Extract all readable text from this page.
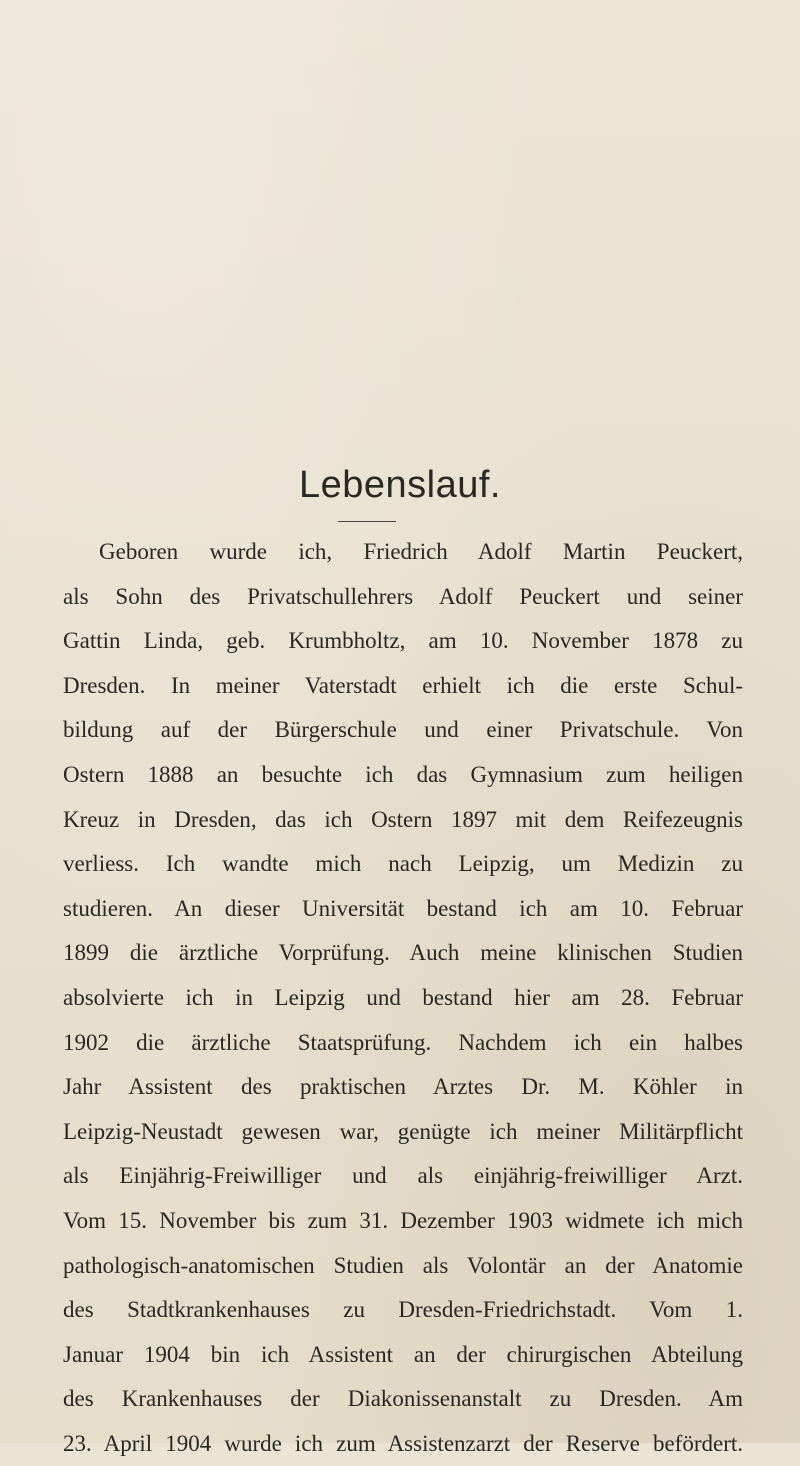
Lebenslauf.
Geboren wurde ich, Friedrich Adolf Martin Peuckert,
als Sohn des Privatschullehrers Adolf Peuckert und seiner
Gattin Linda, geb. Krumbholtz, am 10. November 1878 zu
Dresden. In meiner Vaterstadt erhielt ich die erste Schul-
bildung auf der Bürgerschule und einer Privatschule. Von
Ostern 1888 an besuchte ich das Gymnasium zum heiligen
Kreuz in Dresden, das ich Ostern 1897 mit dem Reifezeugnis
verliess. Ich wandte mich nach Leipzig, um Medizin zu
studieren. An dieser Universität bestand ich am 10. Februar
1899 die ärztliche Vorprüfung. Auch meine klinischen Studien
absolvierte ich in Leipzig und bestand hier am 28. Februar
1902 die ärztliche Staatsprüfung. Nachdem ich ein halbes
Jahr Assistent des praktischen Arztes Dr. M. Köhler in
Leipzig-Neustadt gewesen war, genügte ich meiner Militärpflicht
als Einjährig-Freiwilliger und als einjährig-freiwilliger Arzt.
Vom 15. November bis zum 31. Dezember 1903 widmete ich mich
pathologisch-anatomischen Studien als Volontär an der Anatomie
des Stadtkrankenhauses zu Dresden-Friedrichstadt. Vom 1.
Januar 1904 bin ich Assistent an der chirurgischen Abteilung
des Krankenhauses der Diakonissenanstalt zu Dresden. Am
23. April 1904 wurde ich zum Assistenzarzt der Reserve befördert.
